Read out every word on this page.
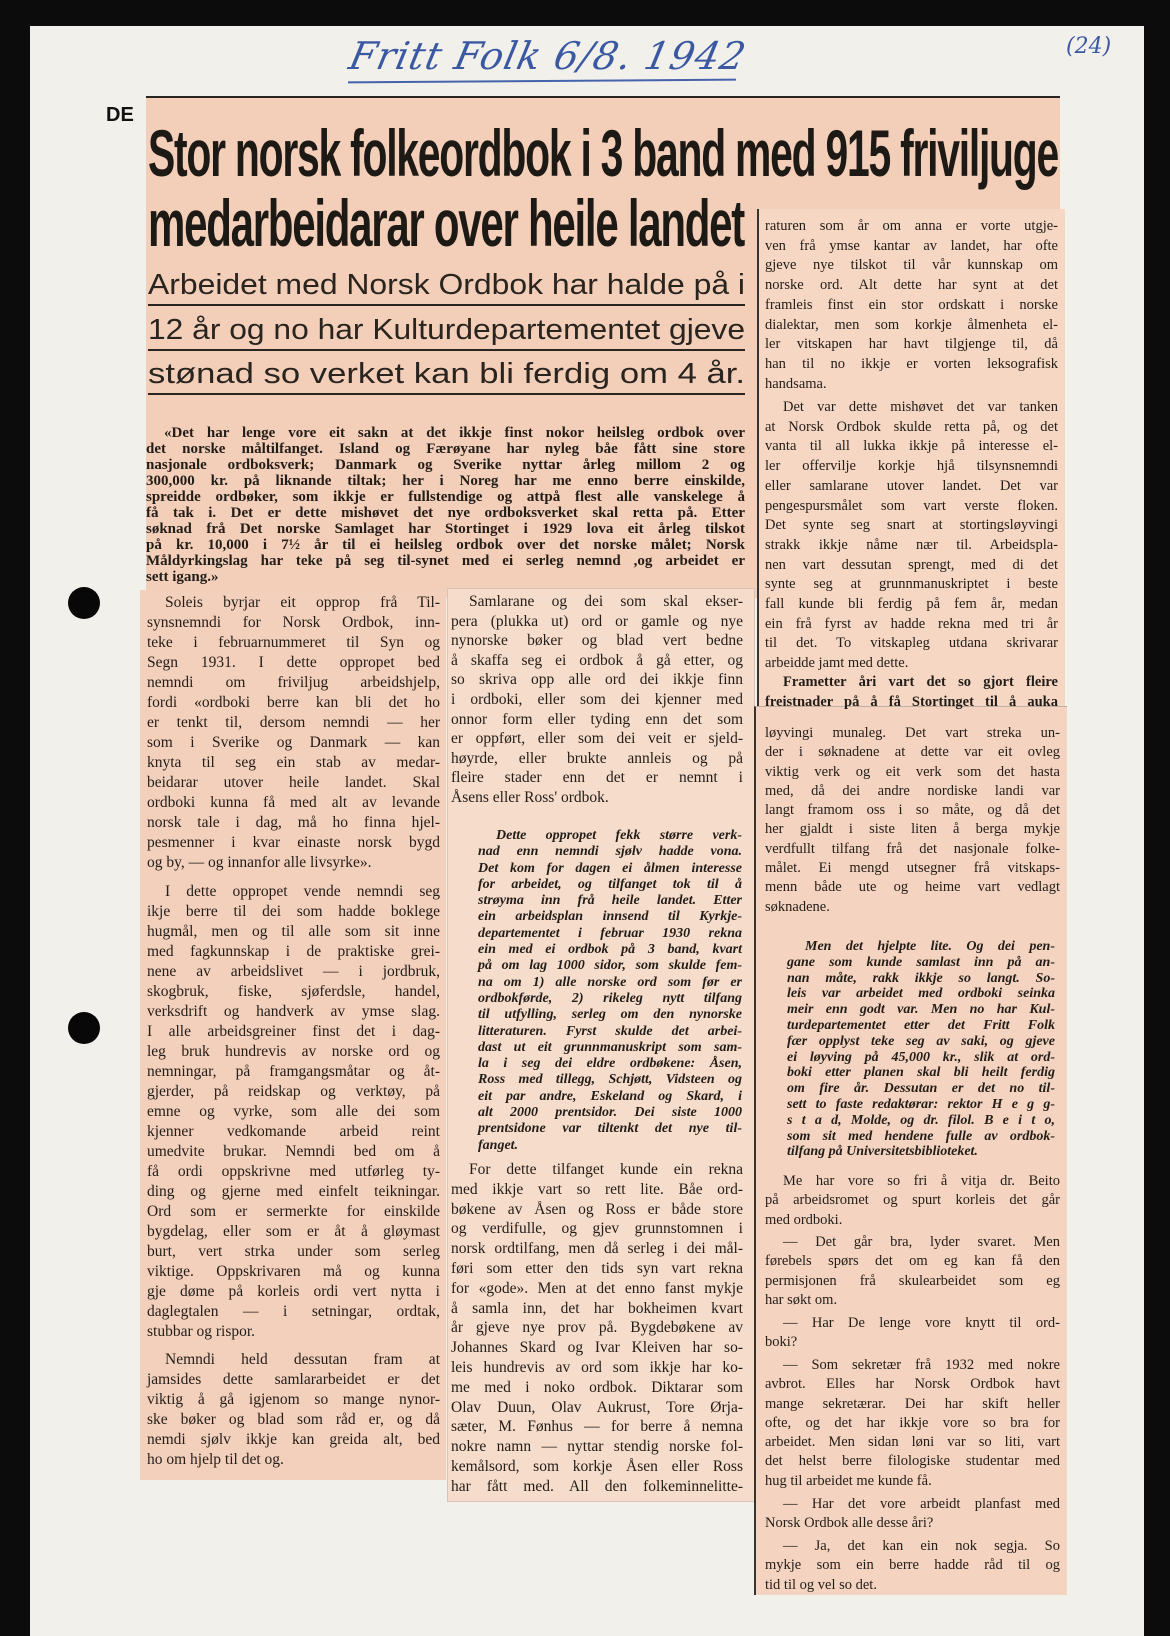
Fritt Folk 6/8. 1942	(24)
DE
Stor norsk folkeordbok i 3 band med 915 friviljuge
medarbeidarar over heile landet
Arbeidet med Norsk Ordbok har halde på i
12 år og no har Kulturdepartementet gjeve
stønad so verket kan bli ferdig om 4 år.
«Det har lenge vore eit sakn at det ikkje finst nokor heilsleg ordbok over
det norske måltilfanget. Island og Færøyane har nyleg båe fått sine store
nasjonale ordboksverk; Danmark og Sverike nyttar årleg millom 2 og
300,000 kr. på liknande tiltak; her i Noreg har me enno berre einskilde,
spreidde ordbøker, som ikkje er fullstendige og attpå flest alle vanskelege å
få tak i. Det er dette mishøvet det nye ordboksverket skal retta på. Etter
søknad frå Det norske Samlaget har Stortinget i 1929 lova eit årleg tilskot
på kr. 10,000 i 7½ år til ei heilsleg ordbok over det norske målet; Norsk
Måldyrkingslag har teke på seg til-synet med ei serleg nemnd ,og arbeidet er
sett igang.»
Soleis byrjar eit opprop frå Til-
synsnemndi for Norsk Ordbok, inn-
teke i februarnummeret til Syn og
Segn 1931. I dette oppropet bed
nemndi om friviljug arbeidshjelp,
fordi «ordboki berre kan bli det ho
er tenkt til, dersom nemndi — her
som i Sverike og Danmark — kan
knyta til seg ein stab av medar-
beidarar utover heile landet. Skal
ordboki kunna få med alt av levande
norsk tale i dag, må ho finna hjel-
pesmenner i kvar einaste norsk bygd
og by, — og innanfor alle livsyrke».
I dette oppropet vende nemndi seg
ikje berre til dei som hadde boklege
hugmål, men og til alle som sit inne
med fagkunnskap i de praktiske grei-
nene av arbeidslivet — i jordbruk,
skogbruk, fiske, sjøferdsle, handel,
verksdrift og handverk av ymse slag.
I alle arbeidsgreiner finst det i dag-
leg bruk hundrevis av norske ord og
nemningar, på framgangsmåtar og åt-
gjerder, på reidskap og verktøy, på
emne og vyrke, som alle dei som
kjenner vedkomande arbeid reint
umedvite brukar. Nemndi bed om å
få ordi oppskrivne med utførleg ty-
ding og gjerne med einfelt teikningar.
Ord som er sermerkte for einskilde
bygdelag, eller som er åt å gløymast
burt, vert strka under som serleg
viktige. Oppskrivaren må og kunna
gje døme på korleis ordi vert nytta i
daglegtalen — i setningar, ordtak,
stubbar og rispor.
Nemndi held dessutan fram at
jamsides dette samlararbeidet er det
viktig å gå igjenom so mange nynor-
ske bøker og blad som råd er, og då
nemdi sjølv ikkje kan greida alt, bed
ho om hjelp til det og.
Samlarane og dei som skal ekser-
pera (plukka ut) ord or gamle og nye
nynorske bøker og blad vert bedne
å skaffa seg ei ordbok å gå etter, og
so skriva opp alle ord dei ikkje finn
i ordboki, eller som dei kjenner med
onnor form eller tyding enn det som
er oppført, eller som dei veit er sjeld-
høyrde, eller brukte annleis og på
fleire stader enn det er nemnt i
Åsens eller Ross' ordbok.
Dette oppropet fekk større verk-
nad enn nemndi sjølv hadde vona.
Det kom for dagen ei ålmen interesse
for arbeidet, og tilfanget tok til å
strøyma inn frå heile landet. Etter
ein arbeidsplan innsend til Kyrkje-
departementet i februar 1930 rekna
ein med ei ordbok på 3 band, kvart
på om lag 1000 sidor, som skulde fem-
na om 1) alle norske ord som før er
ordbokførde, 2) rikeleg nytt tilfang
til utfylling, serleg om den nynorske
litteraturen. Fyrst skulde det arbei-
dast ut eit grunnmanuskript som sam-
la i seg dei eldre ordbøkene: Åsen,
Ross med tillegg, Schjøtt, Vidsteen og
eit par andre, Eskeland og Skard, i
alt 2000 prentsidor. Dei siste 1000
prentsidone var tiltenkt det nye til-
fanget.
For dette tilfanget kunde ein rekna
med ikkje vart so rett lite. Båe ord-
bøkene av Åsen og Ross er både store
og verdifulle, og gjev grunnstomnen i
norsk ordtilfang, men då serleg i dei mål-
føri som etter den tids syn vart rekna
for «gode». Men at det enno fanst mykje
å samla inn, det har bokheimen kvart
år gjeve nye prov på. Bygdebøkene av
Johannes Skard og Ivar Kleiven har so-
leis hundrevis av ord som ikkje har ko-
me med i noko ordbok. Diktarar som
Olav Duun, Olav Aukrust, Tore Ørja-
sæter, M. Fønhus — for berre å nemna
nokre namn — nyttar stendig norske fol-
kemålsord, som korkje Åsen eller Ross
har fått med. All den folkeminnelitte-
raturen som år om anna er vorte utgje-
ven frå ymse kantar av landet, har ofte
gjeve nye tilskot til vår kunnskap om
norske ord. Alt dette har synt at det
framleis finst ein stor ordskatt i norske
dialektar, men som korkje ålmenheta el-
ler vitskapen har havt tilgjenge til, då
han til no ikkje er vorten leksografisk
handsama.
Det var dette mishøvet det var tanken
at Norsk Ordbok skulde retta på, og det
vanta til all lukka ikkje på interesse el-
ler offervilje korkje hjå tilsynsnemndi
eller samlarane utover landet. Det var
pengespursmålet som vart verste floken.
Det synte seg snart at stortingsløyvingi
strakk ikkje nåme nær til. Arbeidspla-
nen vart dessutan sprengt, med di det
synte seg at grunnmanuskriptet i beste
fall kunde bli ferdig på fem år, medan
ein frå fyrst av hadde rekna med tri år
til det. To vitskapleg utdana skrivarar
arbeidde jamt med dette.
Frametter åri vart det so gjort fleire
freistnader på å få Stortinget til å auka
løyvingi munaleg. Det vart streka un-
der i søknadene at dette var eit ovleg
viktig verk og eit verk som det hasta
med, då dei andre nordiske landi var
langt framom oss i so måte, og då det
her gjaldt i siste liten å berga mykje
verdfullt tilfang frå det nasjonale folke-
målet. Ei mengd utsegner frå vitskaps-
menn både ute og heime vart vedlagt
søknadene.
Men det hjelpte lite. Og dei pen-
gane som kunde samlast inn på an-
nan måte, rakk ikkje so langt. So-
leis var arbeidet med ordboki seinka
meir enn godt var. Men no har Kul-
turdepartementet etter det Fritt Folk
fær opplyst teke seg av saki, og gjeve
ei løyving på 45,000 kr., slik at ord-
boki etter planen skal bli heilt ferdig
om fire år. Dessutan er det no til-
sett to faste redaktørar: rektor H e g g-
s t a d, Molde, og dr. filol. B e i t o,
som sit med hendene fulle av ordbok-
tilfang på Universitetsbiblioteket.
Me har vore so fri å vitja dr. Beito
på arbeidsromet og spurt korleis det går
med ordboki.
— Det går bra, lyder svaret. Men
førebels spørs det om eg kan få den
permisjonen frå skulearbeidet som eg
har søkt om.
— Har De lenge vore knytt til ord-
boki?
— Som sekretær frå 1932 med nokre
avbrot. Elles har Norsk Ordbok havt
mange sekretærar. Dei har skift heller
ofte, og det har ikkje vore so bra for
arbeidet. Men sidan løni var so liti, vart
det helst berre filologiske studentar med
hug til arbeidet me kunde få.
— Har det vore arbeidt planfast med
Norsk Ordbok alle desse åri?
— Ja, det kan ein nok segja. So
mykje som ein berre hadde råd til og
tid til og vel so det.
